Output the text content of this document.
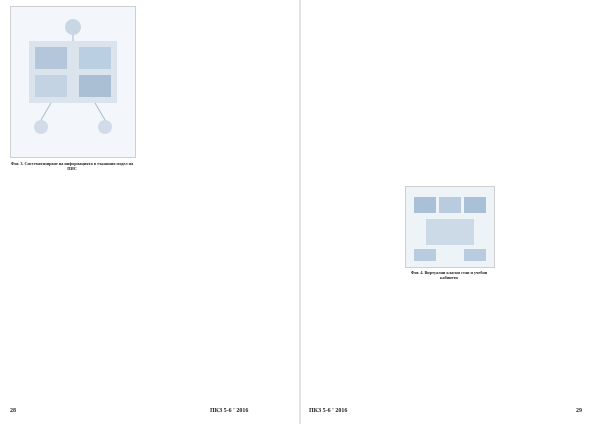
Фиг. 3. Систематизиране на информацията в тъканния модел на ПИС
28	ПКЗ 5-6 ' 2016
Фиг. 4. Виртуални класни стаи и учебни кабинети
ПКЗ 5-6 ' 2016	29
